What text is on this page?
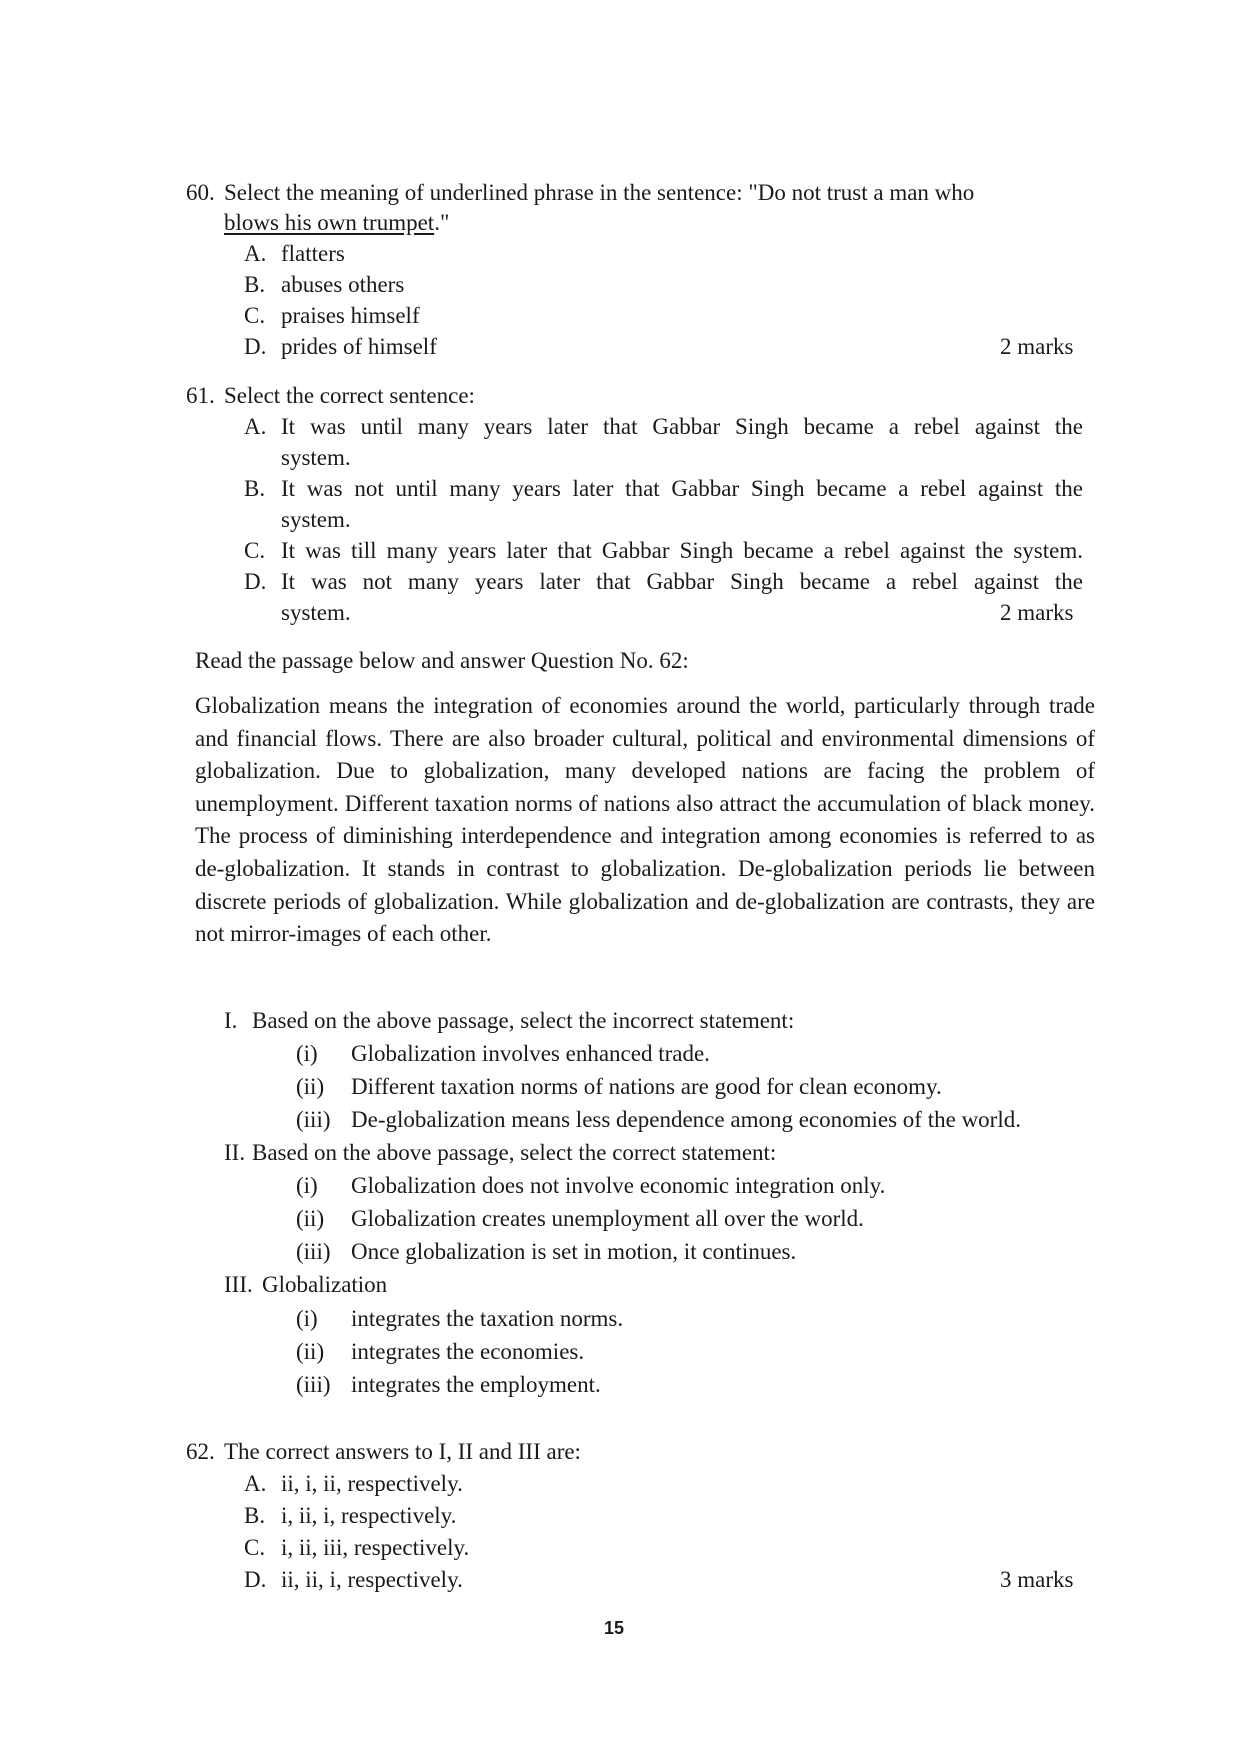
60. Select the meaning of underlined phrase in the sentence: "Do not trust a man who
blows his own trumpet."
A. flatters
B. abuses others
C. praises himself
D. prides of himself	2 marks
61. Select the correct sentence:
A. It was until many years later that Gabbar Singh became a rebel against the
system.
B. It was not until many years later that Gabbar Singh became a rebel against the
system.
C. It was till many years later that Gabbar Singh became a rebel against the system.
D. It was not many years later that Gabbar Singh became a rebel against the
system.	2 marks
Read the passage below and answer Question No. 62:
Globalization means the integration of economies around the world, particularly through trade and financial flows. There are also broader cultural, political and environmental dimensions of globalization. Due to globalization, many developed nations are facing the problem of unemployment. Different taxation norms of nations also attract the accumulation of black money. The process of diminishing interdependence and integration among economies is referred to as de-globalization. It stands in contrast to globalization. De-globalization periods lie between discrete periods of globalization. While globalization and de-globalization are contrasts, they are not mirror-images of each other.
I. Based on the above passage, select the incorrect statement:
(i) Globalization involves enhanced trade.
(ii) Different taxation norms of nations are good for clean economy.
(iii) De-globalization means less dependence among economies of the world.
II. Based on the above passage, select the correct statement:
(i) Globalization does not involve economic integration only.
(ii) Globalization creates unemployment all over the world.
(iii) Once globalization is set in motion, it continues.
III. Globalization
(i) integrates the taxation norms.
(ii) integrates the economies.
(iii) integrates the employment.
62. The correct answers to I, II and III are:
A. ii, i, ii, respectively.
B. i, ii, i, respectively.
C. i, ii, iii, respectively.
D. ii, ii, i, respectively.	3 marks
15
